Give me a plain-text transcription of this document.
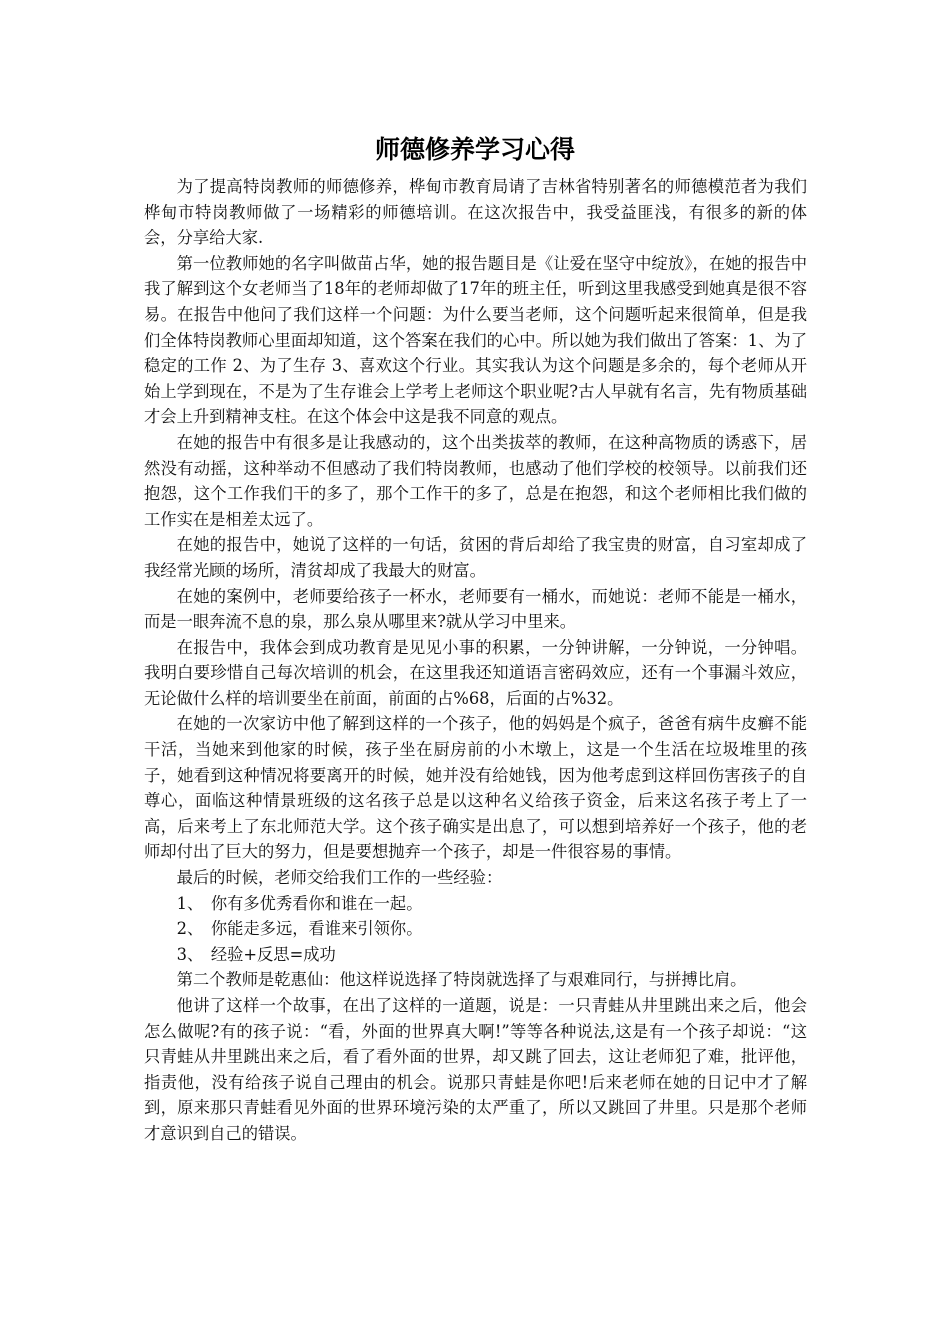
师德修养学习心得

为了提高特岗教师的师德修养，桦甸市教育局请了吉林省特别著名的师德模范者为我们桦甸市特岗教师做了一场精彩的师德培训。在这次报告中，我受益匪浅，有很多的新的体会，分享给大家.

第一位教师她的名字叫做苗占华，她的报告题目是《让爱在坚守中绽放》，在她的报告中我了解到这个女老师当了18年的老师却做了17年的班主任，听到这里我感受到她真是很不容易。在报告中他问了我们这样一个问题：为什么要当老师，这个问题听起来很简单，但是我们全体特岗教师心里面却知道，这个答案在我们的心中。所以她为我们做出了答案：1、为了稳定的工作 2、为了生存 3、喜欢这个行业。其实我认为这个问题是多余的，每个老师从开始上学到现在，不是为了生存谁会上学考上老师这个职业呢?古人早就有名言，先有物质基础才会上升到精神支柱。在这个体会中这是我不同意的观点。

在她的报告中有很多是让我感动的，这个出类拔萃的教师，在这种高物质的诱惑下，居然没有动摇，这种举动不但感动了我们特岗教师，也感动了他们学校的校领导。以前我们还抱怨，这个工作我们干的多了，那个工作干的多了，总是在抱怨，和这个老师相比我们做的工作实在是相差太远了。

在她的报告中，她说了这样的一句话，贫困的背后却给了我宝贵的财富，自习室却成了我经常光顾的场所，清贫却成了我最大的财富。

在她的案例中，老师要给孩子一杯水，老师要有一桶水，而她说：老师不能是一桶水，而是一眼奔流不息的泉，那么泉从哪里来?就从学习中里来。

在报告中，我体会到成功教育是见见小事的积累，一分钟讲解，一分钟说，一分钟唱。我明白要珍惜自己每次培训的机会，在这里我还知道语言密码效应，还有一个事漏斗效应，无论做什么样的培训要坐在前面，前面的占%68，后面的占%32。

在她的一次家访中他了解到这样的一个孩子，他的妈妈是个疯子，爸爸有病牛皮癣不能干活，当她来到他家的时候，孩子坐在厨房前的小木墩上，这是一个生活在垃圾堆里的孩子，她看到这种情况将要离开的时候，她并没有给她钱，因为他考虑到这样回伤害孩子的自尊心，面临这种情景班级的这名孩子总是以这种名义给孩子资金，后来这名孩子考上了一高，后来考上了东北师范大学。这个孩子确实是出息了，可以想到培养好一个孩子，他的老师却付出了巨大的努力，但是要想抛弃一个孩子，却是一件很容易的事情。

最后的时候，老师交给我们工作的一些经验：

1、 你有多优秀看你和谁在一起。
2、 你能走多远，看谁来引领你。
3、 经验+反思=成功

第二个教师是乾惠仙：他这样说选择了特岗就选择了与艰难同行，与拼搏比肩。

他讲了这样一个故事，在出了这样的一道题，说是：一只青蛙从井里跳出来之后，他会怎么做呢?有的孩子说：“看，外面的世界真大啊!”等等各种说法,这是有一个孩子却说：“这只青蛙从井里跳出来之后，看了看外面的世界，却又跳了回去，这让老师犯了难，批评他，指责他，没有给孩子说自己理由的机会。说那只青蛙是你吧!后来老师在她的日记中才了解到，原来那只青蛙看见外面的世界环境污染的太严重了，所以又跳回了井里。只是那个老师才意识到自己的错误。
